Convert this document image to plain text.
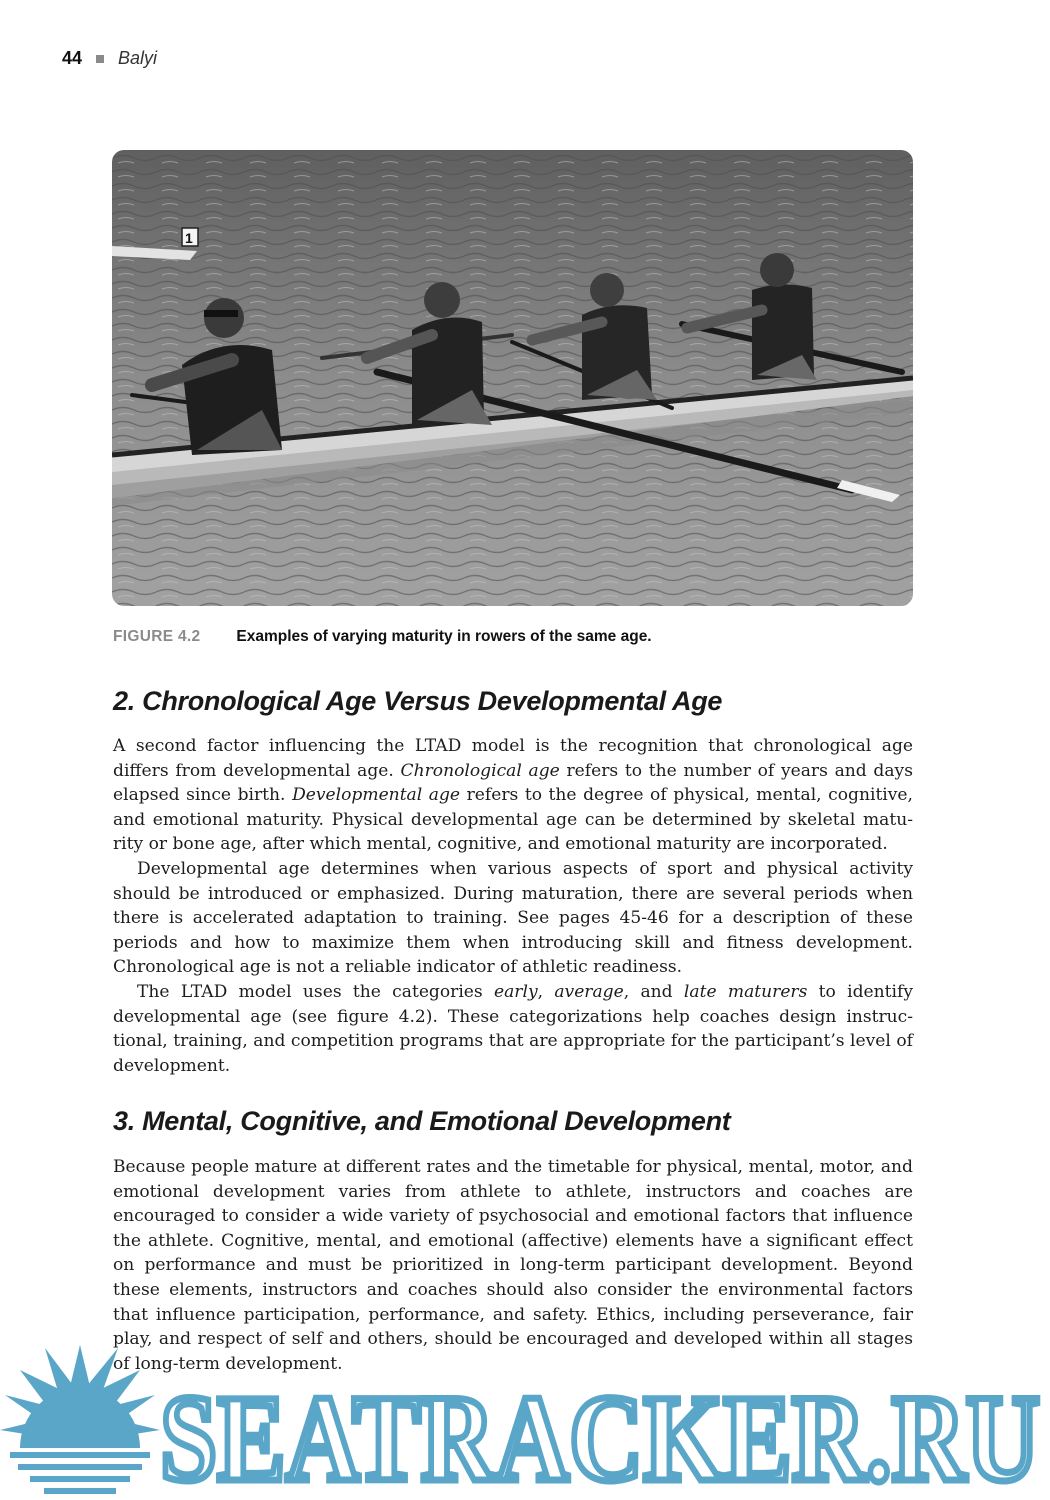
44 Balyi
1
FIGURE 4.2 Examples of varying maturity in rowers of the same age.
2. Chronological Age Versus Developmental Age

A second factor influencing the LTAD model is the recognition that chronological age differs from developmental age. Chronological age refers to the number of years and days elapsed since birth. Developmental age refers to the degree of physical, mental, cognitive, and emotional maturity. Physical developmental age can be determined by skeletal matu-rity or bone age, after which mental, cognitive, and emotional maturity are incorporated.

Developmental age determines when various aspects of sport and physical activity should be introduced or emphasized. During maturation, there are several periods when there is accelerated adaptation to training. See pages 45-46 for a description of these periods and how to maximize them when introducing skill and fitness development. Chronological age is not a reliable indicator of athletic readiness.

The LTAD model uses the categories early, average, and late maturers to identify developmental age (see figure 4.2). These categorizations help coaches design instruc-tional, training, and competition programs that are appropriate for the participant’s level of development.

3. Mental, Cognitive, and Emotional Development

Because people mature at different rates and the timetable for physical, mental, motor, and emotional development varies from athlete to athlete, instructors and coaches are encouraged to consider a wide variety of psychosocial and emotional factors that influence the athlete. Cognitive, mental, and emotional (affective) elements have a significant effect on performance and must be prioritized in long-term participant development. Beyond these elements, instructors and coaches should also consider the environmental factors that influence participation, performance, and safety. Ethics, including perseverance, fair play, and respect of self and others, should be encouraged and developed within all stages of long-term development.

SEATRACKER.RU
